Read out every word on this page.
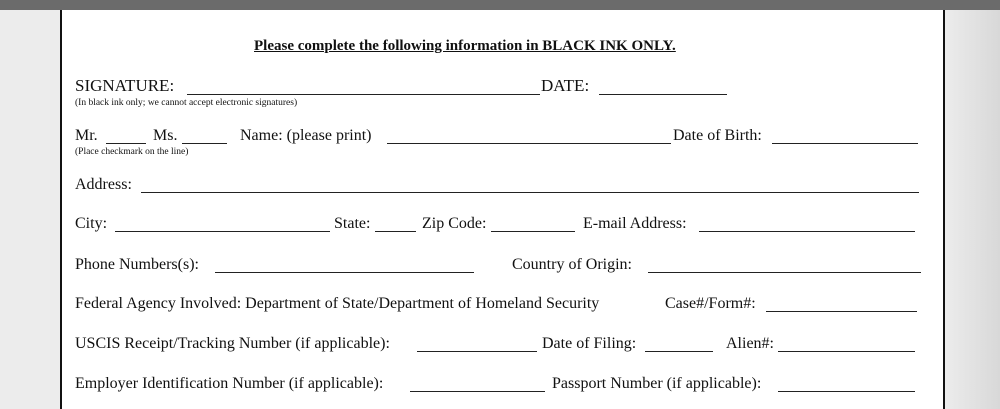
Please complete the following information in BLACK INK ONLY.
SIGNATURE:	DATE:
(In black ink only; we cannot accept electronic signatures)
Mr.	Ms.	Name: (please print)	Date of Birth:
(Place checkmark on the line)
Address:
City:	State:	Zip Code:	E-mail Address:
Phone Numbers(s):	Country of Origin:
Federal Agency Involved: Department of State/Department of Homeland Security	Case#/Form#:
USCIS Receipt/Tracking Number (if applicable):	Date of Filing:	Alien#:
Employer Identification Number (if applicable):	Passport Number (if applicable):
